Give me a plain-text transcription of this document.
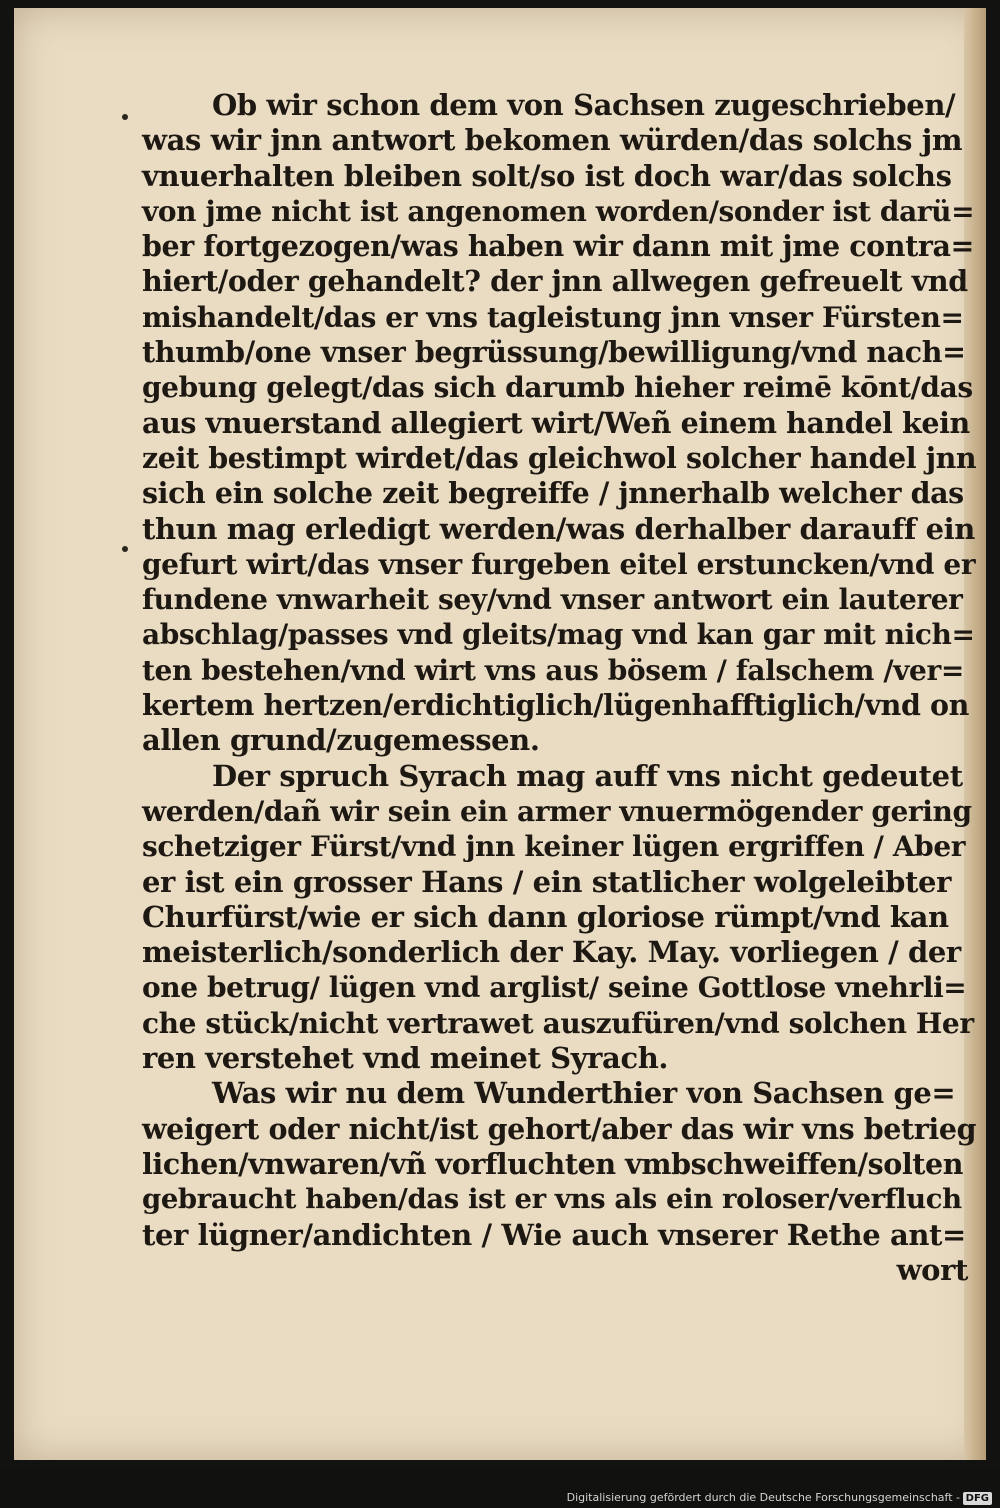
Ob wir schon dem von Sachsen zugeschrieben/
was wir jnn antwort bekomen würden/das solchs jm
vnuerhalten bleiben solt/so ist doch war/das solchs
von jme nicht ist angenomen worden/sonder ist darü=
ber fortgezogen/was haben wir dann mit jme contra=
hiert/oder gehandelt? der jnn allwegen gefreuelt vnd
mishandelt/das er vns tagleistung jnn vnser Fürsten=
thumb/one vnser begrüssung/bewilligung/vnd nach=
gebung gelegt/das sich darumb hieher reimē kōnt/das
aus vnuerstand allegiert wirt/Weñ einem handel kein
zeit bestimpt wirdet/das gleichwol solcher handel jnn
sich ein solche zeit begreiffe / jnnerhalb welcher das
thun mag erledigt werden/was derhalber darauff ein
gefurt wirt/das vnser furgeben eitel erstuncken/vnd er
fundene vnwarheit sey/vnd vnser antwort ein lauterer
abschlag/passes vnd gleits/mag vnd kan gar mit nich=
ten bestehen/vnd wirt vns aus bösem / falschem /ver=
kertem hertzen/erdichtiglich/lügenhafftiglich/vnd on
allen grund/zugemessen.
Der spruch Syrach mag auff vns nicht gedeutet
werden/dañ wir sein ein armer vnuermögender gering
schetziger Fürst/vnd jnn keiner lügen ergriffen / Aber
er ist ein grosser Hans / ein statlicher wolgeleibter
Churfürst/wie er sich dann gloriose rümpt/vnd kan
meisterlich/sonderlich der Kay. May. vorliegen / der
one betrug/ lügen vnd arglist/ seine Gottlose vnehrli=
che stück/nicht vertrawet auszufüren/vnd solchen Her
ren verstehet vnd meinet Syrach.
Was wir nu dem Wunderthier von Sachsen ge=
weigert oder nicht/ist gehort/aber das wir vns betrieg
lichen/vnwaren/vñ vorfluchten vmbschweiffen/solten
gebraucht haben/das ist er vns als ein roloser/verfluch
ter lügner/andichten / Wie auch vnserer Rethe ant=
wort
Digitalisierung gefördert durch die Deutsche Forschungsgemeinschaft - DFG
